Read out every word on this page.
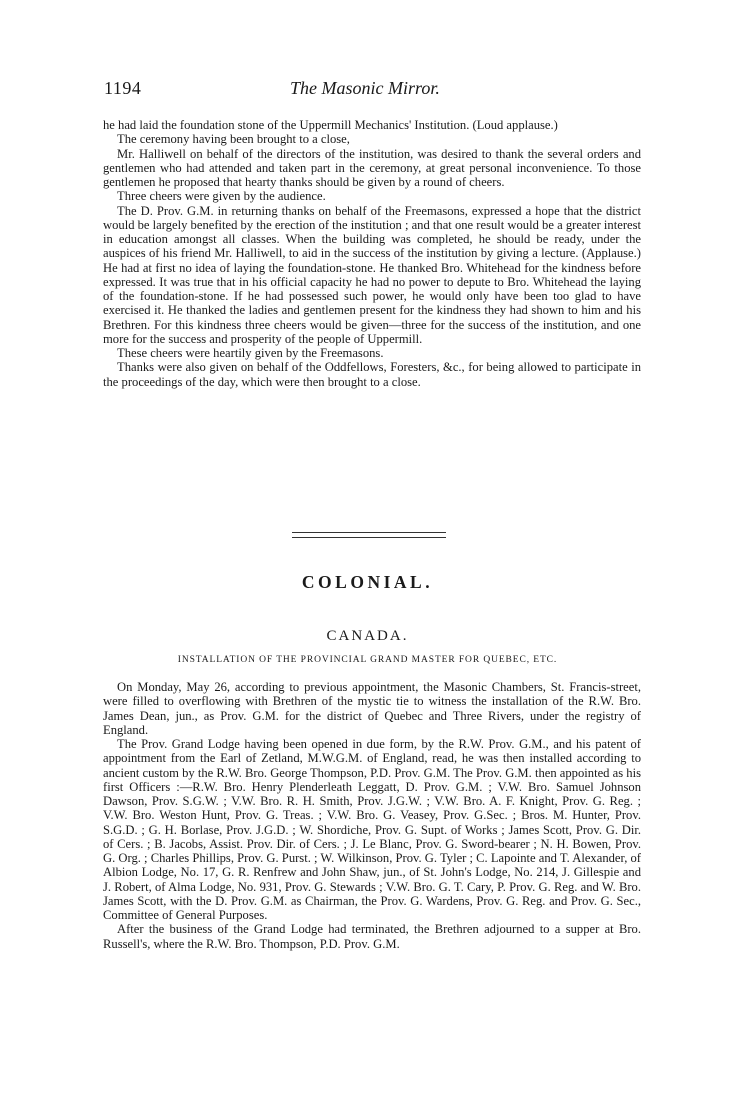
1194	The Masonic Mirror.

he had laid the foundation stone of the Uppermill Mechanics' Institution. (Loud applause.)

The ceremony having been brought to a close,

Mr. Halliwell on behalf of the directors of the institution, was desired to thank the several orders and gentlemen who had attended and taken part in the ceremony, at great personal inconvenience. To those gentlemen he proposed that hearty thanks should be given by a round of cheers.

Three cheers were given by the audience.

The D. Prov. G.M. in returning thanks on behalf of the Freemasons, expressed a hope that the district would be largely benefited by the erection of the institution ; and that one result would be a greater interest in education amongst all classes. When the building was completed, he should be ready, under the auspices of his friend Mr. Halliwell, to aid in the success of the institution by giving a lecture. (Applause.) He had at first no idea of laying the foundation-stone. He thanked Bro. Whitehead for the kindness before expressed. It was true that in his official capacity he had no power to depute to Bro. Whitehead the laying of the foundation-stone. If he had possessed such power, he would only have been too glad to have exercised it. He thanked the ladies and gentlemen present for the kindness they had shown to him and his Brethren. For this kindness three cheers would be given—three for the success of the institution, and one more for the success and prosperity of the people of Uppermill.

These cheers were heartily given by the Freemasons.

Thanks were also given on behalf of the Oddfellows, Foresters, &c., for being allowed to participate in the proceedings of the day, which were then brought to a close.

COLONIAL.
CANADA.
INSTALLATION OF THE PROVINCIAL GRAND MASTER FOR QUEBEC, ETC.

On Monday, May 26, according to previous appointment, the Masonic Chambers, St. Francis-street, were filled to overflowing with Brethren of the mystic tie to witness the installation of the R.W. Bro. James Dean, jun., as Prov. G.M. for the district of Quebec and Three Rivers, under the registry of England.

The Prov. Grand Lodge having been opened in due form, by the R.W. Prov. G.M., and his patent of appointment from the Earl of Zetland, M.W.G.M. of England, read, he was then installed according to ancient custom by the R.W. Bro. George Thompson, P.D. Prov. G.M. The Prov. G.M. then appointed as his first Officers :—R.W. Bro. Henry Plenderleath Leggatt, D. Prov. G.M. ; V.W. Bro. Samuel Johnson Dawson, Prov. S.G.W. ; V.W. Bro. R. H. Smith, Prov. J.G.W. ; V.W. Bro. A. F. Knight, Prov. G. Reg. ; V.W. Bro. Weston Hunt, Prov. G. Treas. ; V.W. Bro. G. Veasey, Prov. G.Sec. ; Bros. M. Hunter, Prov. S.G.D. ; G. H. Borlase, Prov. J.G.D. ; W. Shordiche, Prov. G. Supt. of Works ; James Scott, Prov. G. Dir. of Cers. ; B. Jacobs, Assist. Prov. Dir. of Cers. ; J. Le Blanc, Prov. G. Sword-bearer ; N. H. Bowen, Prov. G. Org. ; Charles Phillips, Prov. G. Purst. ; W. Wilkinson, Prov. G. Tyler ; C. Lapointe and T. Alexander, of Albion Lodge, No. 17, G. R. Renfrew and John Shaw, jun., of St. John's Lodge, No. 214, J. Gillespie and J. Robert, of Alma Lodge, No. 931, Prov. G. Stewards ; V.W. Bro. G. T. Cary, P. Prov. G. Reg. and W. Bro. James Scott, with the D. Prov. G.M. as Chairman, the Prov. G. Wardens, Prov. G. Reg. and Prov. G. Sec., Committee of General Purposes.

After the business of the Grand Lodge had terminated, the Brethren adjourned to a supper at Bro. Russell's, where the R.W. Bro. Thompson, P.D. Prov. G.M.
